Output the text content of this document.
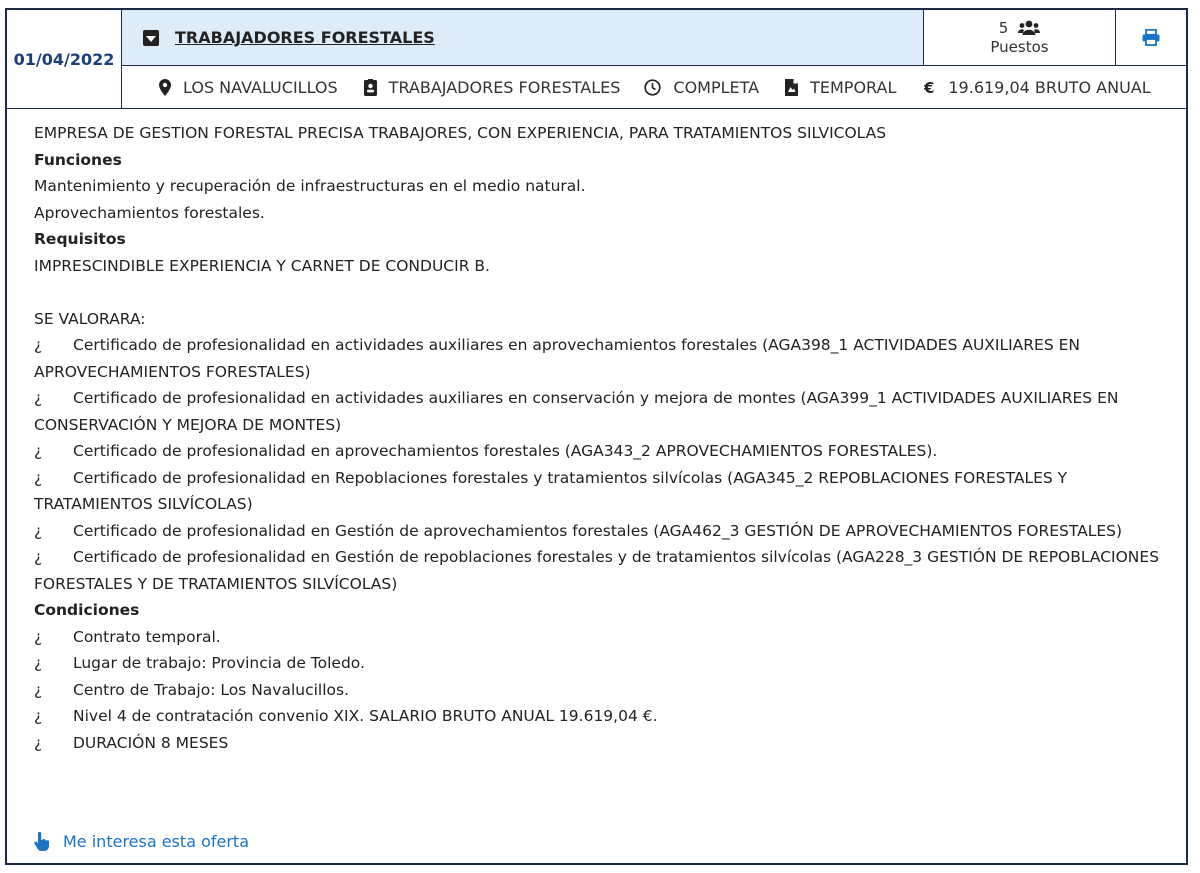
01/04/2022
TRABAJADORES FORESTALES
5
Puestos
LOS NAVALUCILLOS	TRABAJADORES FORESTALES	COMPLETA	TEMPORAL € 19.619,04 BRUTO ANUAL

EMPRESA DE GESTION FORESTAL PRECISA TRABAJORES, CON EXPERIENCIA, PARA TRATAMIENTOS SILVICOLAS

Funciones

Mantenimiento y recuperación de infraestructuras en el medio natural.

Aprovechamientos forestales.

Requisitos

IMPRESCINDIBLE EXPERIENCIA Y CARNET DE CONDUCIR B.

SE VALORARA:

¿ Certificado de profesionalidad en actividades auxiliares en aprovechamientos forestales (AGA398_1 ACTIVIDADES AUXILIARES EN APROVECHAMIENTOS FORESTALES)

¿ Certificado de profesionalidad en actividades auxiliares en conservación y mejora de montes (AGA399_1 ACTIVIDADES AUXILIARES EN CONSERVACIÓN Y MEJORA DE MONTES)

¿ Certificado de profesionalidad en aprovechamientos forestales (AGA343_2 APROVECHAMIENTOS FORESTALES).

¿ Certificado de profesionalidad en Repoblaciones forestales y tratamientos silvícolas (AGA345_2 REPOBLACIONES FORESTALES Y TRATAMIENTOS SILVÍCOLAS)

¿ Certificado de profesionalidad en Gestión de aprovechamientos forestales (AGA462_3 GESTIÓN DE APROVECHAMIENTOS FORESTALES)

¿ Certificado de profesionalidad en Gestión de repoblaciones forestales y de tratamientos silvícolas (AGA228_3 GESTIÓN DE REPOBLACIONES FORESTALES Y DE TRATAMIENTOS SILVÍCOLAS)

Condiciones

¿ Contrato temporal.

¿ Lugar de trabajo: Provincia de Toledo.

¿ Centro de Trabajo: Los Navalucillos.

¿ Nivel 4 de contratación convenio XIX. SALARIO BRUTO ANUAL 19.619,04 €.

¿ DURACIÓN 8 MESES

Me interesa esta oferta
